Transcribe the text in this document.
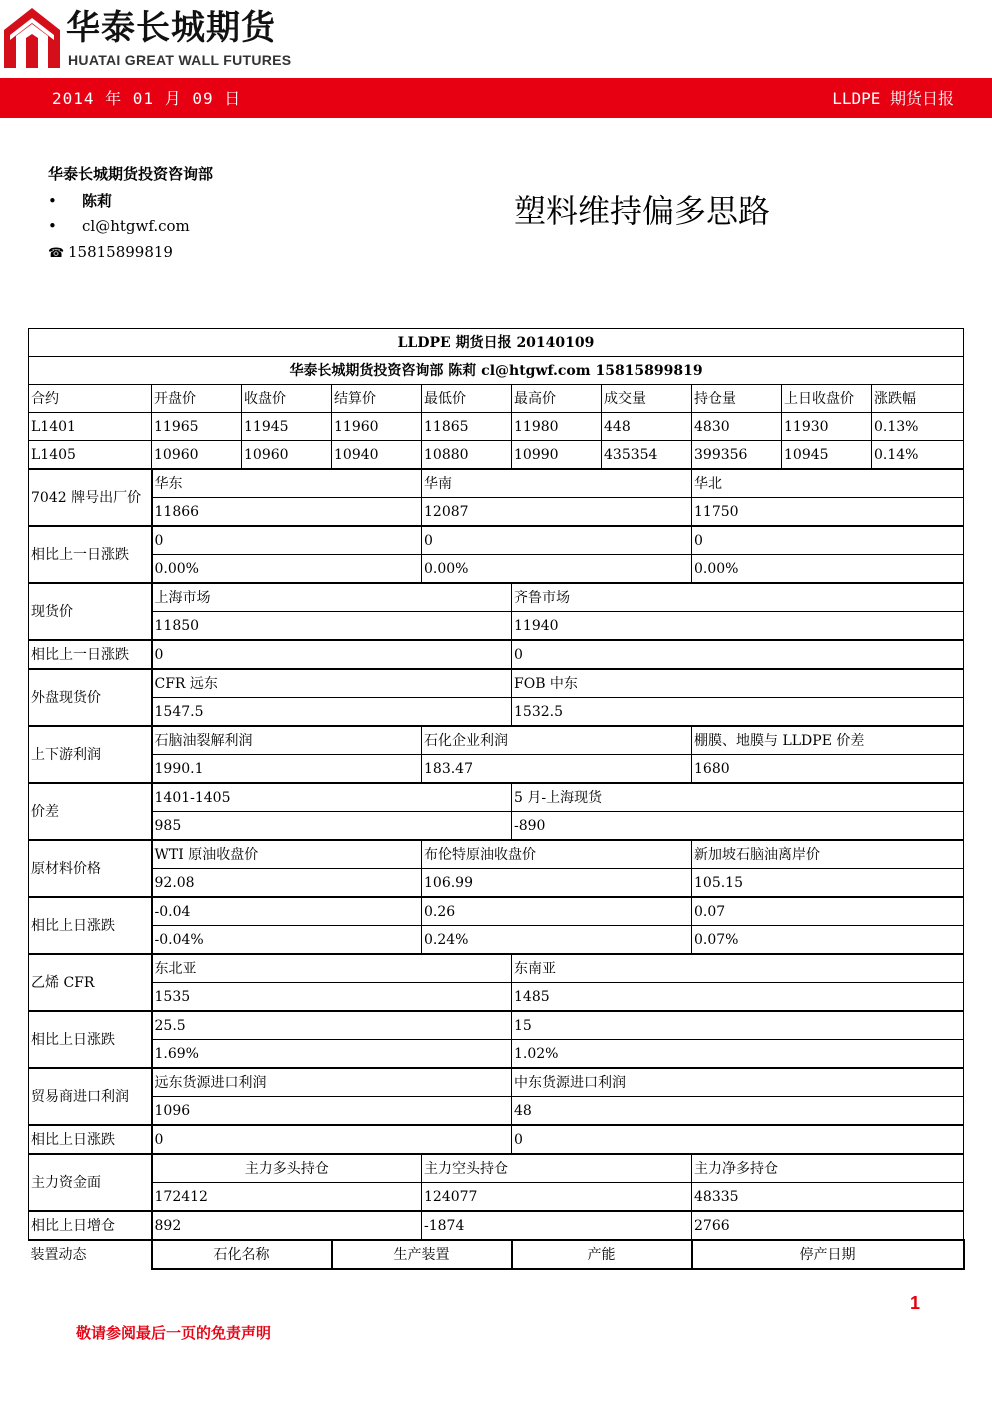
华泰长城期货
HUATAI GREAT WALL FUTURES
2014 年 01 月 09 日	LLDPE 期货日报
华泰长城期货投资咨询部
• 陈莉
• cl@htgwf.com
☎ 15815899819
塑料维持偏多思路
LLDPE 期货日报 20140109									
华泰长城期货投资咨询部 陈莉 cl@htgwf.com 15815899819									
合约	开盘价	收盘价	结算价	最低价	最高价	成交量	持仓量	上日收盘价	涨跌幅
L1401	11965	11945	11960	11865	11980	448	4830	11930	0.13%
L1405	10960	10960	10940	10880	10990	435354	399356	10945	0.14%
7042 牌号出厂价	华东			华南			华北		
	11866			12087			11750		
相比上一日涨跌	0			0			0		
	0.00%			0.00%			0.00%		
现货价	上海市场				齐鲁市场				
	11850				11940				
相比上一日涨跌	0				0				
外盘现货价	CFR 远东				FOB 中东				
	1547.5				1532.5				
上下游利润	石脑油裂解利润			石化企业利润			棚膜、地膜与 LLDPE 价差		
	1990.1			183.47			1680		
价差	1401-1405				5 月-上海现货				
	985				-890				
原材料价格	WTI 原油收盘价			布伦特原油收盘价			新加坡石脑油离岸价		
	92.08			106.99			105.15		
相比上日涨跌	-0.04			0.26			0.07		
	-0.04%			0.24%			0.07%		
乙烯 CFR	东北亚				东南亚				
	1535				1485				
相比上日涨跌	25.5				15				
	1.69%				1.02%				
贸易商进口利润	远东货源进口利润				中东货源进口利润				
	1096				48				
相比上日涨跌	0				0				
主力资金面	主力多头持仓			主力空头持仓			主力净多持仓		
	172412			124077			48335		
相比上日增仓	892			-1874			2766		
装置动态	石化名称		生产装置		产能		停产日期		
1
敬请参阅最后一页的免责声明
